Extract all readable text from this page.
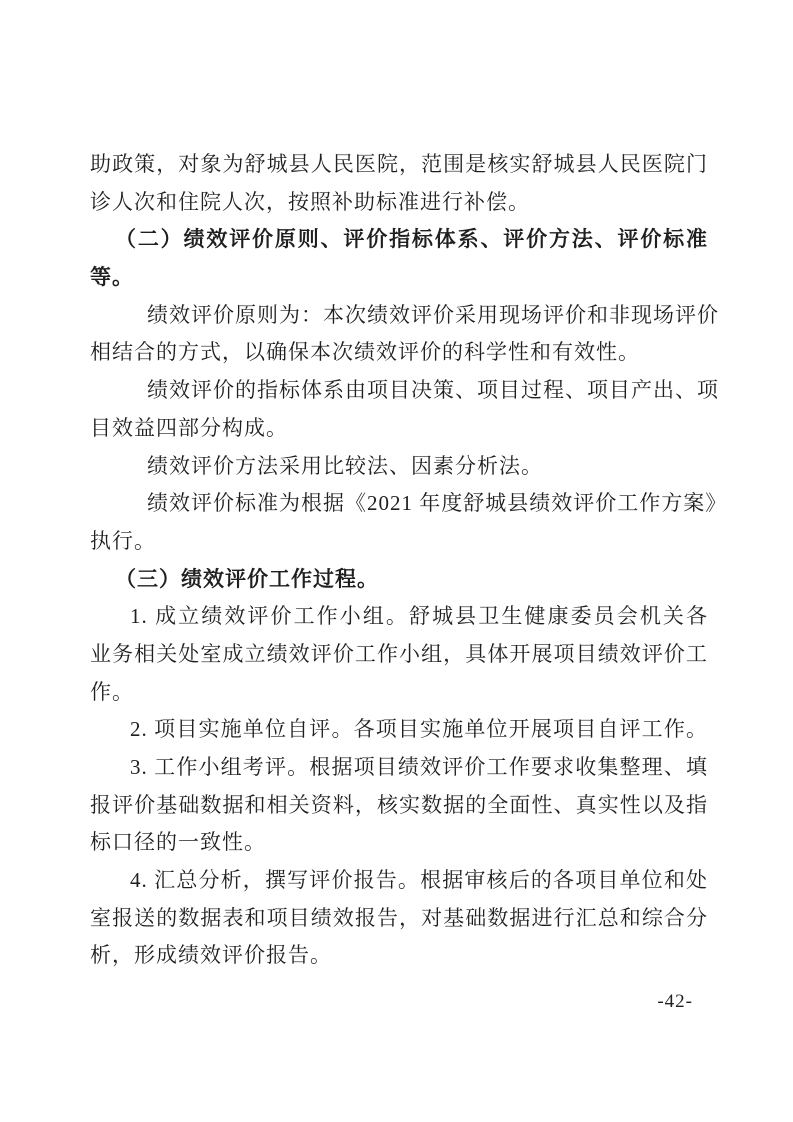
助政策，对象为舒城县人民医院，范围是核实舒城县人民医院门
诊人次和住院人次，按照补助标准进行补偿。
（二）绩效评价原则、评价指标体系、评价方法、评价标准
等。
绩效评价原则为：本次绩效评价采用现场评价和非现场评价
相结合的方式，以确保本次绩效评价的科学性和有效性。
绩效评价的指标体系由项目决策、项目过程、项目产出、项
目效益四部分构成。
绩效评价方法采用比较法、因素分析法。
绩效评价标准为根据《2021 年度舒城县绩效评价工作方案》
执行。
（三）绩效评价工作过程。
1. 成立绩效评价工作小组。舒城县卫生健康委员会机关各
业务相关处室成立绩效评价工作小组，具体开展项目绩效评价工
作。
2. 项目实施单位自评。各项目实施单位开展项目自评工作。
3. 工作小组考评。根据项目绩效评价工作要求收集整理、填
报评价基础数据和相关资料，核实数据的全面性、真实性以及指
标口径的一致性。
4. 汇总分析，撰写评价报告。根据审核后的各项目单位和处
室报送的数据表和项目绩效报告，对基础数据进行汇总和综合分
析，形成绩效评价报告。
-42-
